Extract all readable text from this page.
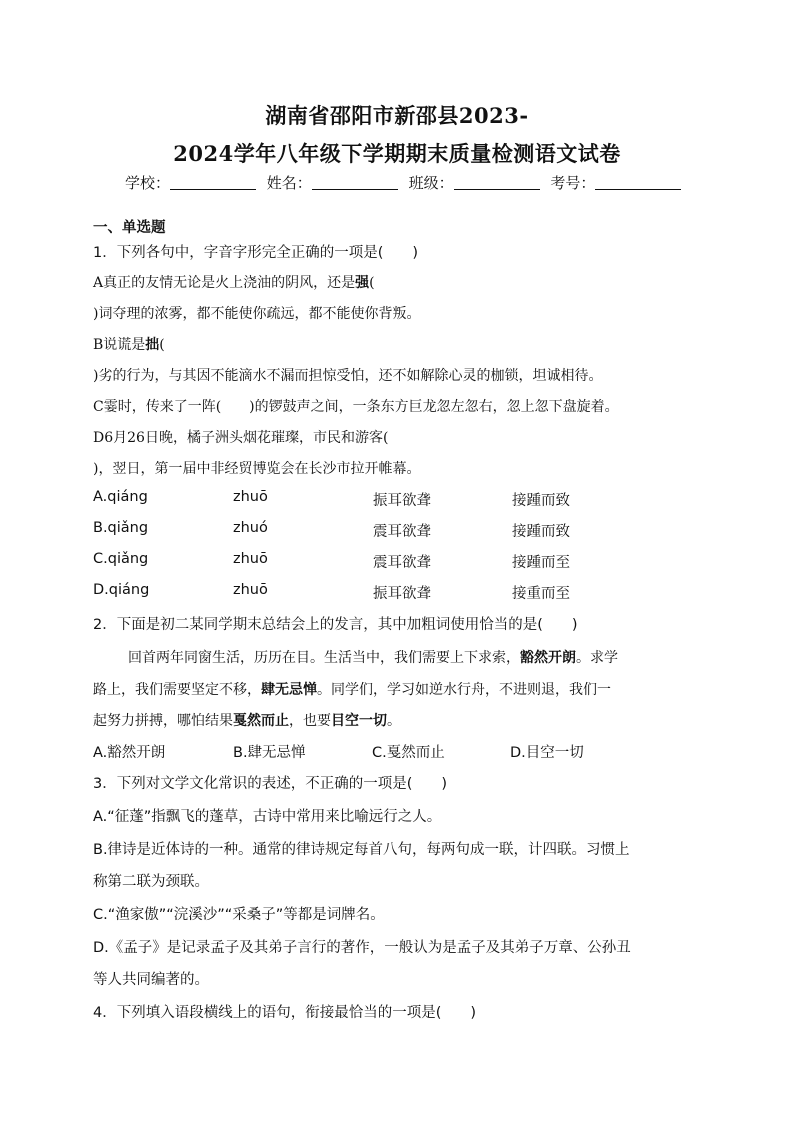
湖南省邵阳市新邵县2023-
2024学年八年级下学期期末质量检测语文试卷
学校：	姓名：	班级：	考号：
一、单选题
1．下列各句中，字音字形完全正确的一项是(　　)
A真正的友情无论是火上浇油的阴风，还是强(
)词夺理的浓雾，都不能使你疏远，都不能使你背叛。
B说谎是拙(
)劣的行为，与其因不能滴水不漏而担惊受怕，还不如解除心灵的枷锁，坦诚相待。
C霎时，传来了一阵(　　)的锣鼓声之间，一条东方巨龙忽左忽右，忽上忽下盘旋着。
D6月26日晚，橘子洲头烟花璀璨，市民和游客(
)，翌日，第一届中非经贸博览会在长沙市拉开帷幕。
A.qiáng	zhuō	振耳欲聋	接踵而致
B.qiǎng	zhuó	震耳欲聋	接踵而致
C.qiǎng	zhuō	震耳欲聋	接踵而至
D.qiáng	zhuō	振耳欲聋	接重而至
2．下面是初二某同学期末总结会上的发言，其中加粗词使用恰当的是(　　)
回首两年同窗生活，历历在目。生活当中，我们需要上下求索，豁然开朗。求学
路上，我们需要坚定不移，肆无忌惮。同学们，学习如逆水行舟，不进则退，我们一
起努力拼搏，哪怕结果戛然而止，也要目空一切。
A.豁然开朗	B.肆无忌惮	C.戛然而止	D.目空一切
3．下列对文学文化常识的表述，不正确的一项是(　　)
A.“征蓬”指飘飞的蓬草，古诗中常用来比喻远行之人。
B.律诗是近体诗的一种。通常的律诗规定每首八句，每两句成一联，计四联。习惯上
称第二联为颈联。
C.“渔家傲”“浣溪沙”“采桑子”等都是词牌名。
D.《孟子》是记录孟子及其弟子言行的著作，一般认为是孟子及其弟子万章、公孙丑
等人共同编著的。
4．下列填入语段横线上的语句，衔接最恰当的一项是(　　)
